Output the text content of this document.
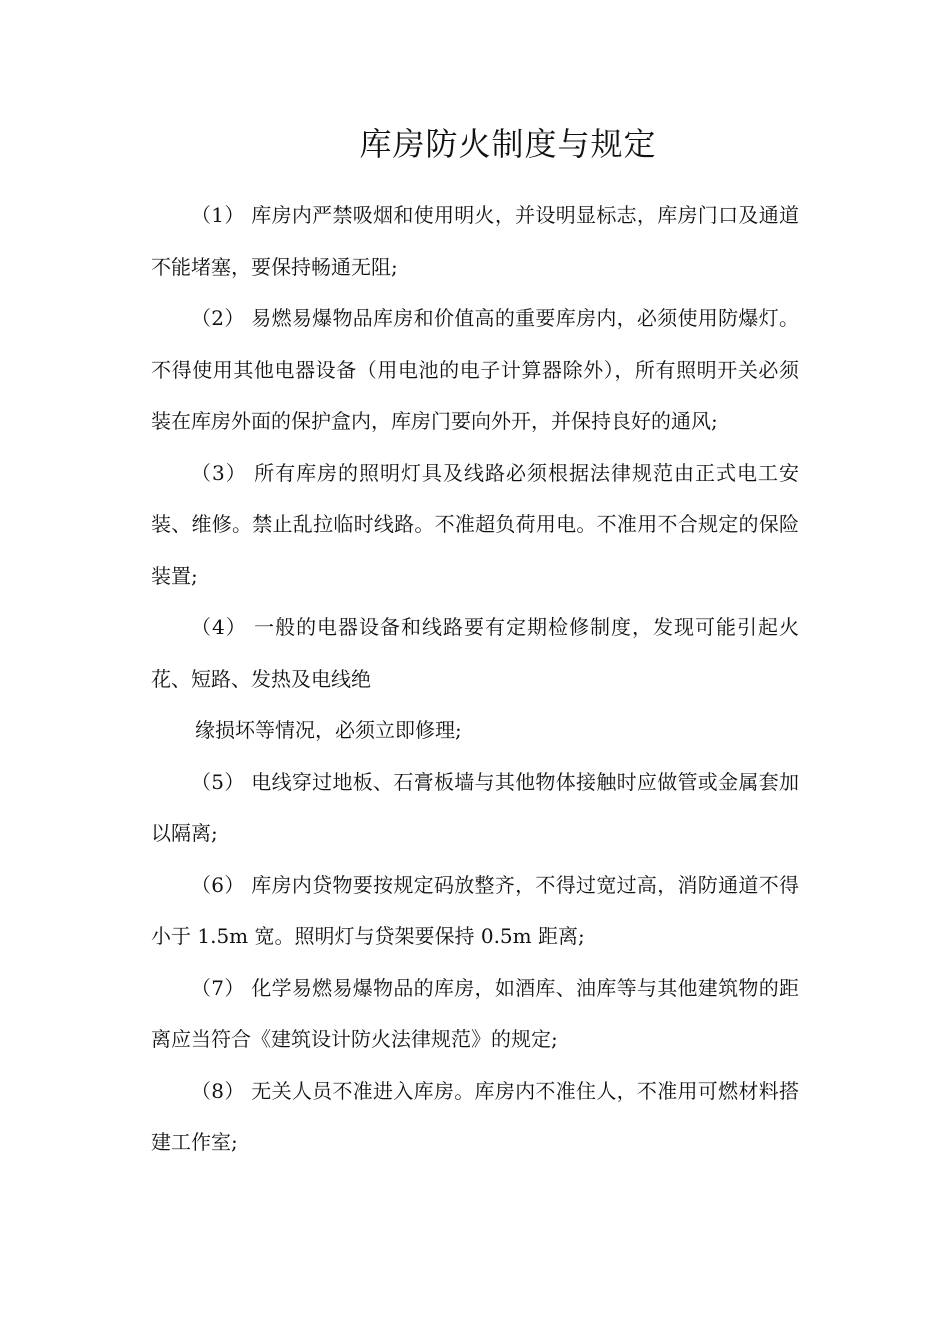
库房防火制度与规定

（1） 库房内严禁吸烟和使用明火，并设明显标志，库房门口及通道不能堵塞，要保持畅通无阻;

（2） 易燃易爆物品库房和价值高的重要库房内，必须使用防爆灯。不得使用其他电器设备（用电池的电子计算器除外），所有照明开关必须装在库房外面的保护盒内，库房门要向外开，并保持良好的通风;

（3） 所有库房的照明灯具及线路必须根据法律规范由正式电工安装、维修。禁止乱拉临时线路。不准超负荷用电。不准用不合规定的保险装置;

（4） 一般的电器设备和线路要有定期检修制度，发现可能引起火花、短路、发热及电线绝

缘损坏等情况，必须立即修理;

（5） 电线穿过地板、石膏板墙与其他物体接触时应做管或金属套加以隔离;

（6） 库房内贷物要按规定码放整齐，不得过宽过高，消防通道不得小于 1.5m 宽。照明灯与贷架要保持 0.5m 距离;

（7） 化学易燃易爆物品的库房，如酒库、油库等与其他建筑物的距离应当符合《建筑设计防火法律规范》的规定;

（8） 无关人员不准进入库房。库房内不准住人，不准用可燃材料搭建工作室;
